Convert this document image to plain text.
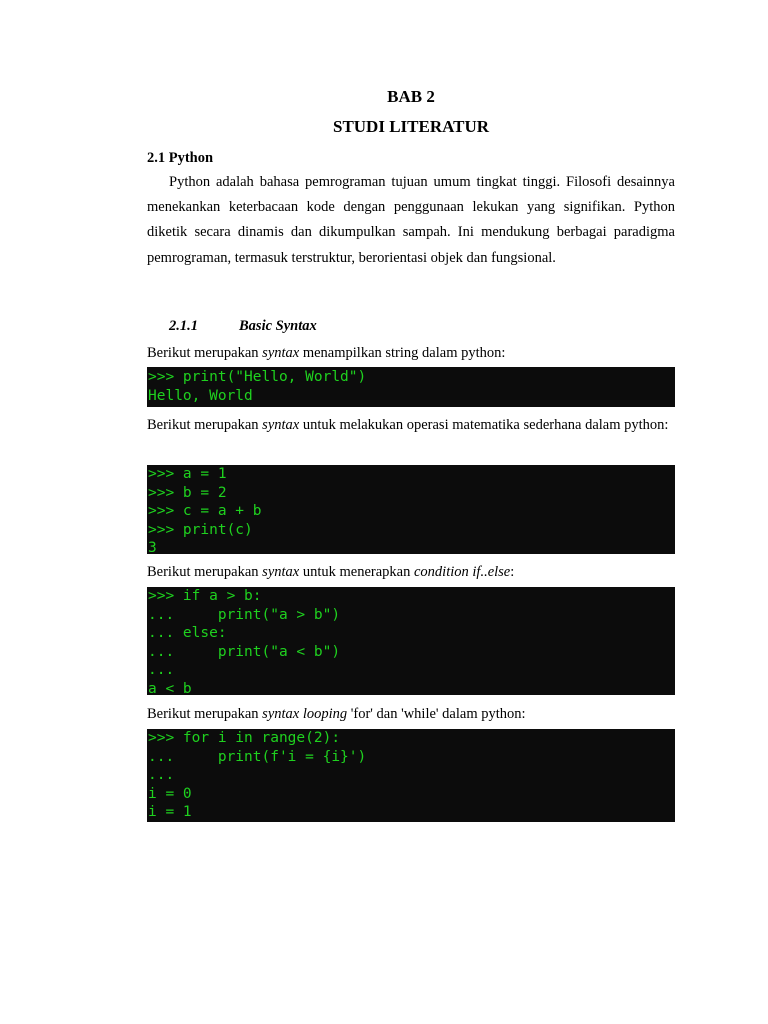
BAB 2
STUDI LITERATUR
2.1 Python
Python adalah bahasa pemrograman tujuan umum tingkat tinggi. Filosofi desainnya menekankan keterbacaan kode dengan penggunaan lekukan yang signifikan. Python diketik secara dinamis dan dikumpulkan sampah. Ini mendukung berbagai paradigma pemrograman, termasuk terstruktur, berorientasi objek dan fungsional.
2.1.1	Basic Syntax
Berikut merupakan syntax menampilkan string dalam python:
>>> print("Hello, World")
Hello, World
Berikut merupakan syntax untuk melakukan operasi matematika sederhana dalam python:
>>> a = 1
>>> b = 2
>>> c = a + b
>>> print(c)
3
Berikut merupakan syntax untuk menerapkan condition if..else:
>>> if a > b:
...     print("a > b")
... else:
...     print("a < b")
...
a < b
Berikut merupakan syntax looping 'for' dan 'while' dalam python:
>>> for i in range(2):
...     print(f'i = {i}')
...
i = 0
i = 1
